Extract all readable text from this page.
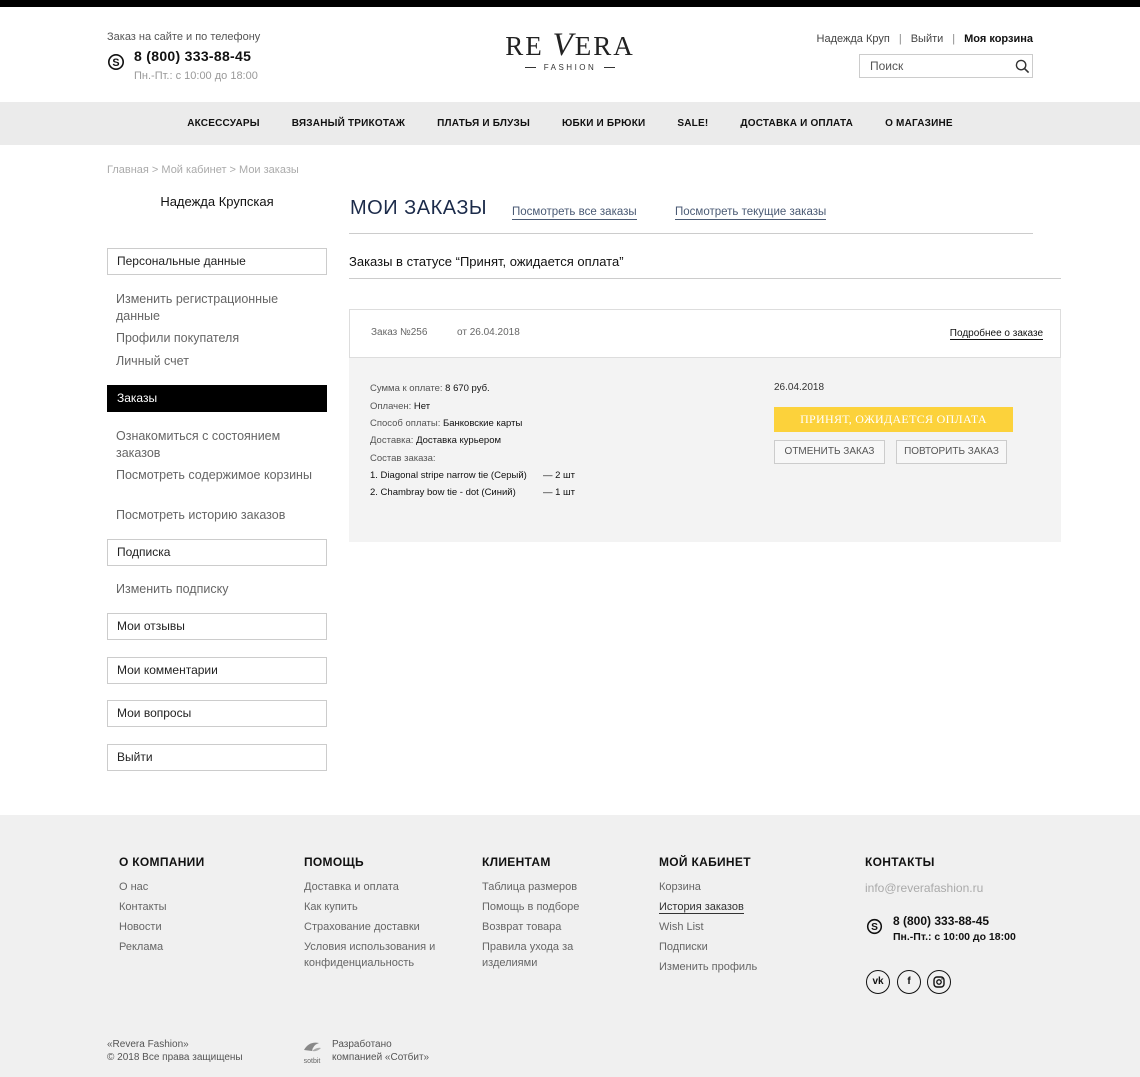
Заказ на сайте и по телефону
S 8 (800) 333-88-45
Пн.-Пт.: с 10:00 до 18:00
RE VERA
FASHION
Надежда Круп | Выйти | Моя корзина
Поиск
АКСЕССУАРЫ	ВЯЗАНЫЙ ТРИКОТАЖ	ПЛАТЬЯ И БЛУЗЫ	ЮБКИ И БРЮКИ	SALE!	ДОСТАВКА И ОПЛАТА	О МАГАЗИНЕ
Главная > Мой кабинет > Мои заказы
Надежда Крупская
Персональные данные
Изменить регистрационные данные
Профили покупателя
Личный счет
Заказы
Ознакомиться с состоянием заказов
Посмотреть содержимое корзины
Посмотреть историю заказов
Подписка
Изменить подписку
Мои отзывы
Мои комментарии
Мои вопросы
Выйти
МОИ ЗАКАЗЫ Посмотреть все заказы	Посмотреть текущие заказы
Заказы в статусе “Принят, ожидается оплата”
Заказ №256	от 26.04.2018	Подробнее о заказе
Сумма к оплате: 8 670 руб.
Оплачен: Нет
Способ оплаты: Банковские карты
Доставка: Доставка курьером
Состав заказа:
1. Diagonal stripe narrow tie (Серый) — 2 шт
2. Chambray bow tie - dot (Синий)	— 1 шт
26.04.2018
ПРИНЯТ, ОЖИДАЕТСЯ ОПЛАТА
ОТМЕНИТЬ ЗАКАЗ	ПОВТОРИТЬ ЗАКАЗ
О КОМПАНИИ
О нас
Контакты
Новости
Реклама
ПОМОЩЬ
Доставка и оплата
Как купить
Страхование доставки
Условия использования и конфиденциальность
КЛИЕНТАМ
Таблица размеров
Помощь в подборе
Возврат товара
Правила ухода за изделиями
МОЙ КАБИНЕТ
Корзина
История заказов
Wish List
Подписки
Изменить профиль
КОНТАКТЫ
info@reverafashion.ru
S 8 (800) 333-88-45
Пн.-Пт.: с 10:00 до 18:00
vk	f
«Revera Fashion»
© 2018 Все права защищены	sotbit
Разработано
компанией «Сотбит»
